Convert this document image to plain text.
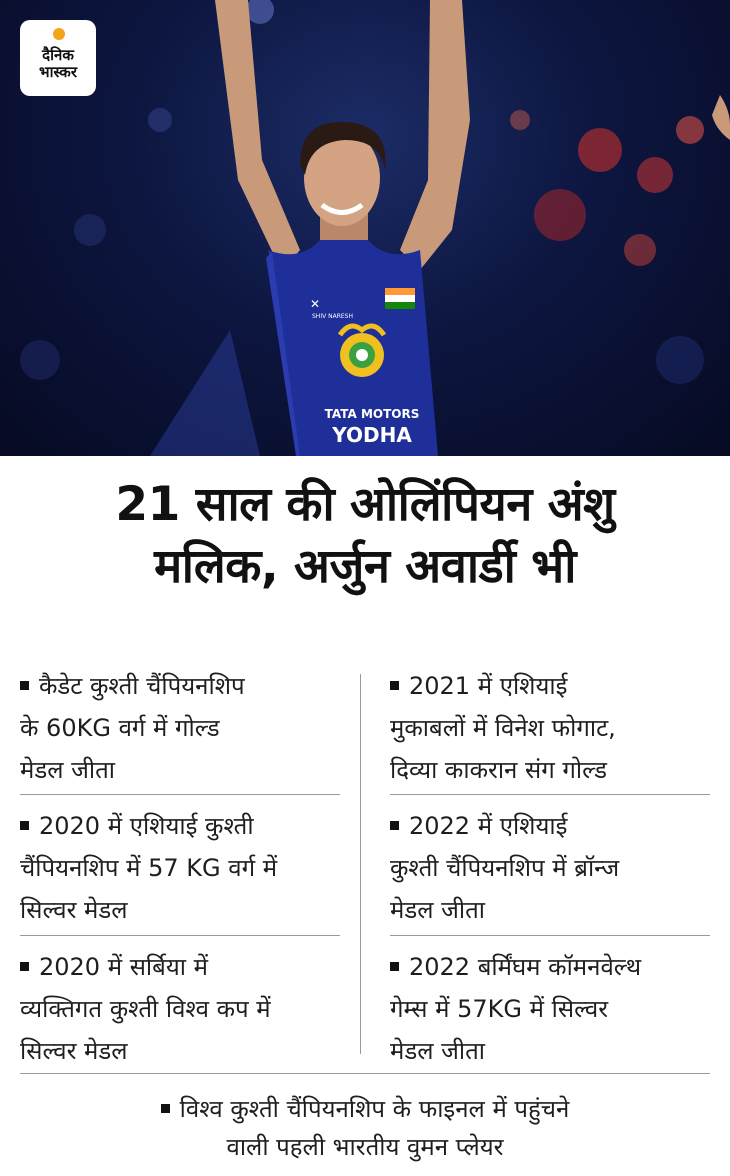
SHIV NARESH
✕
TATA MOTORS
YODHA
दैनिक
भास्कर
21 साल की ओलिंपियन अंशु
मलिक, अर्जुन अवार्डी भी
कैडेट कुश्ती चैंपियनशिप
के 60KG वर्ग में गोल्ड
मेडल जीता
2021 में एशियाई
मुकाबलों में विनेश फोगाट,
दिव्या काकरान संग गोल्ड
2020 में एशियाई कुश्ती
चैंपियनशिप में 57 KG वर्ग में
सिल्वर मेडल
2022 में एशियाई
कुश्ती चैंपियनशिप में ब्रॉन्ज
मेडल जीता
2020 में सर्बिया में
व्यक्तिगत कुश्ती विश्व कप में
सिल्वर मेडल
2022 बर्मिंघम कॉमनवेल्थ
गेम्स में 57KG में सिल्वर
मेडल जीता
विश्व कुश्ती चैंपियनशिप के फाइनल में पहुंचने
वाली पहली भारतीय वुमन प्लेयर
